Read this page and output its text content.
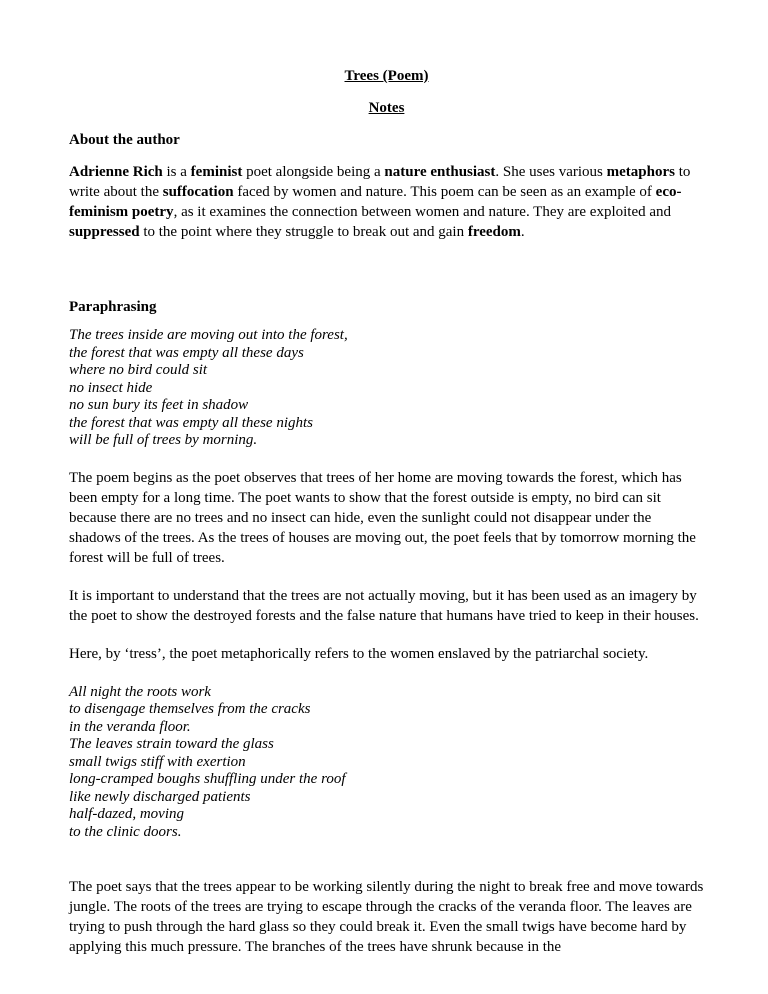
Trees (Poem)

Notes

About the author

Adrienne Rich is a feminist poet alongside being a nature enthusiast. She uses various metaphors to write about the suffocation faced by women and nature. This poem can be seen as an example of eco-feminism poetry, as it examines the connection between women and nature. They are exploited and suppressed to the point where they struggle to break out and gain freedom.

Paraphrasing

The trees inside are moving out into the forest,
the forest that was empty all these days
where no bird could sit
no insect hide
no sun bury its feet in shadow
the forest that was empty all these nights
will be full of trees by morning.

The poem begins as the poet observes that trees of her home are moving towards the forest, which has been empty for a long time. The poet wants to show that the forest outside is empty, no bird can sit because there are no trees and no insect can hide, even the sunlight could not disappear under the shadows of the trees. As the trees of houses are moving out, the poet feels that by tomorrow morning the forest will be full of trees.

It is important to understand that the trees are not actually moving, but it has been used as an imagery by the poet to show the destroyed forests and the false nature that humans have tried to keep in their houses.

Here, by ‘tress’, the poet metaphorically refers to the women enslaved by the patriarchal society.

All night the roots work
to disengage themselves from the cracks
in the veranda floor.
The leaves strain toward the glass
small twigs stiff with exertion
long-cramped boughs shuffling under the roof
like newly discharged patients
half-dazed, moving
to the clinic doors.

The poet says that the trees appear to be working silently during the night to break free and move towards jungle. The roots of the trees are trying to escape through the cracks of the veranda floor. The leaves are trying to push through the hard glass so they could break it. Even the small twigs have become hard by applying this much pressure. The branches of the trees have shrunk because in the
